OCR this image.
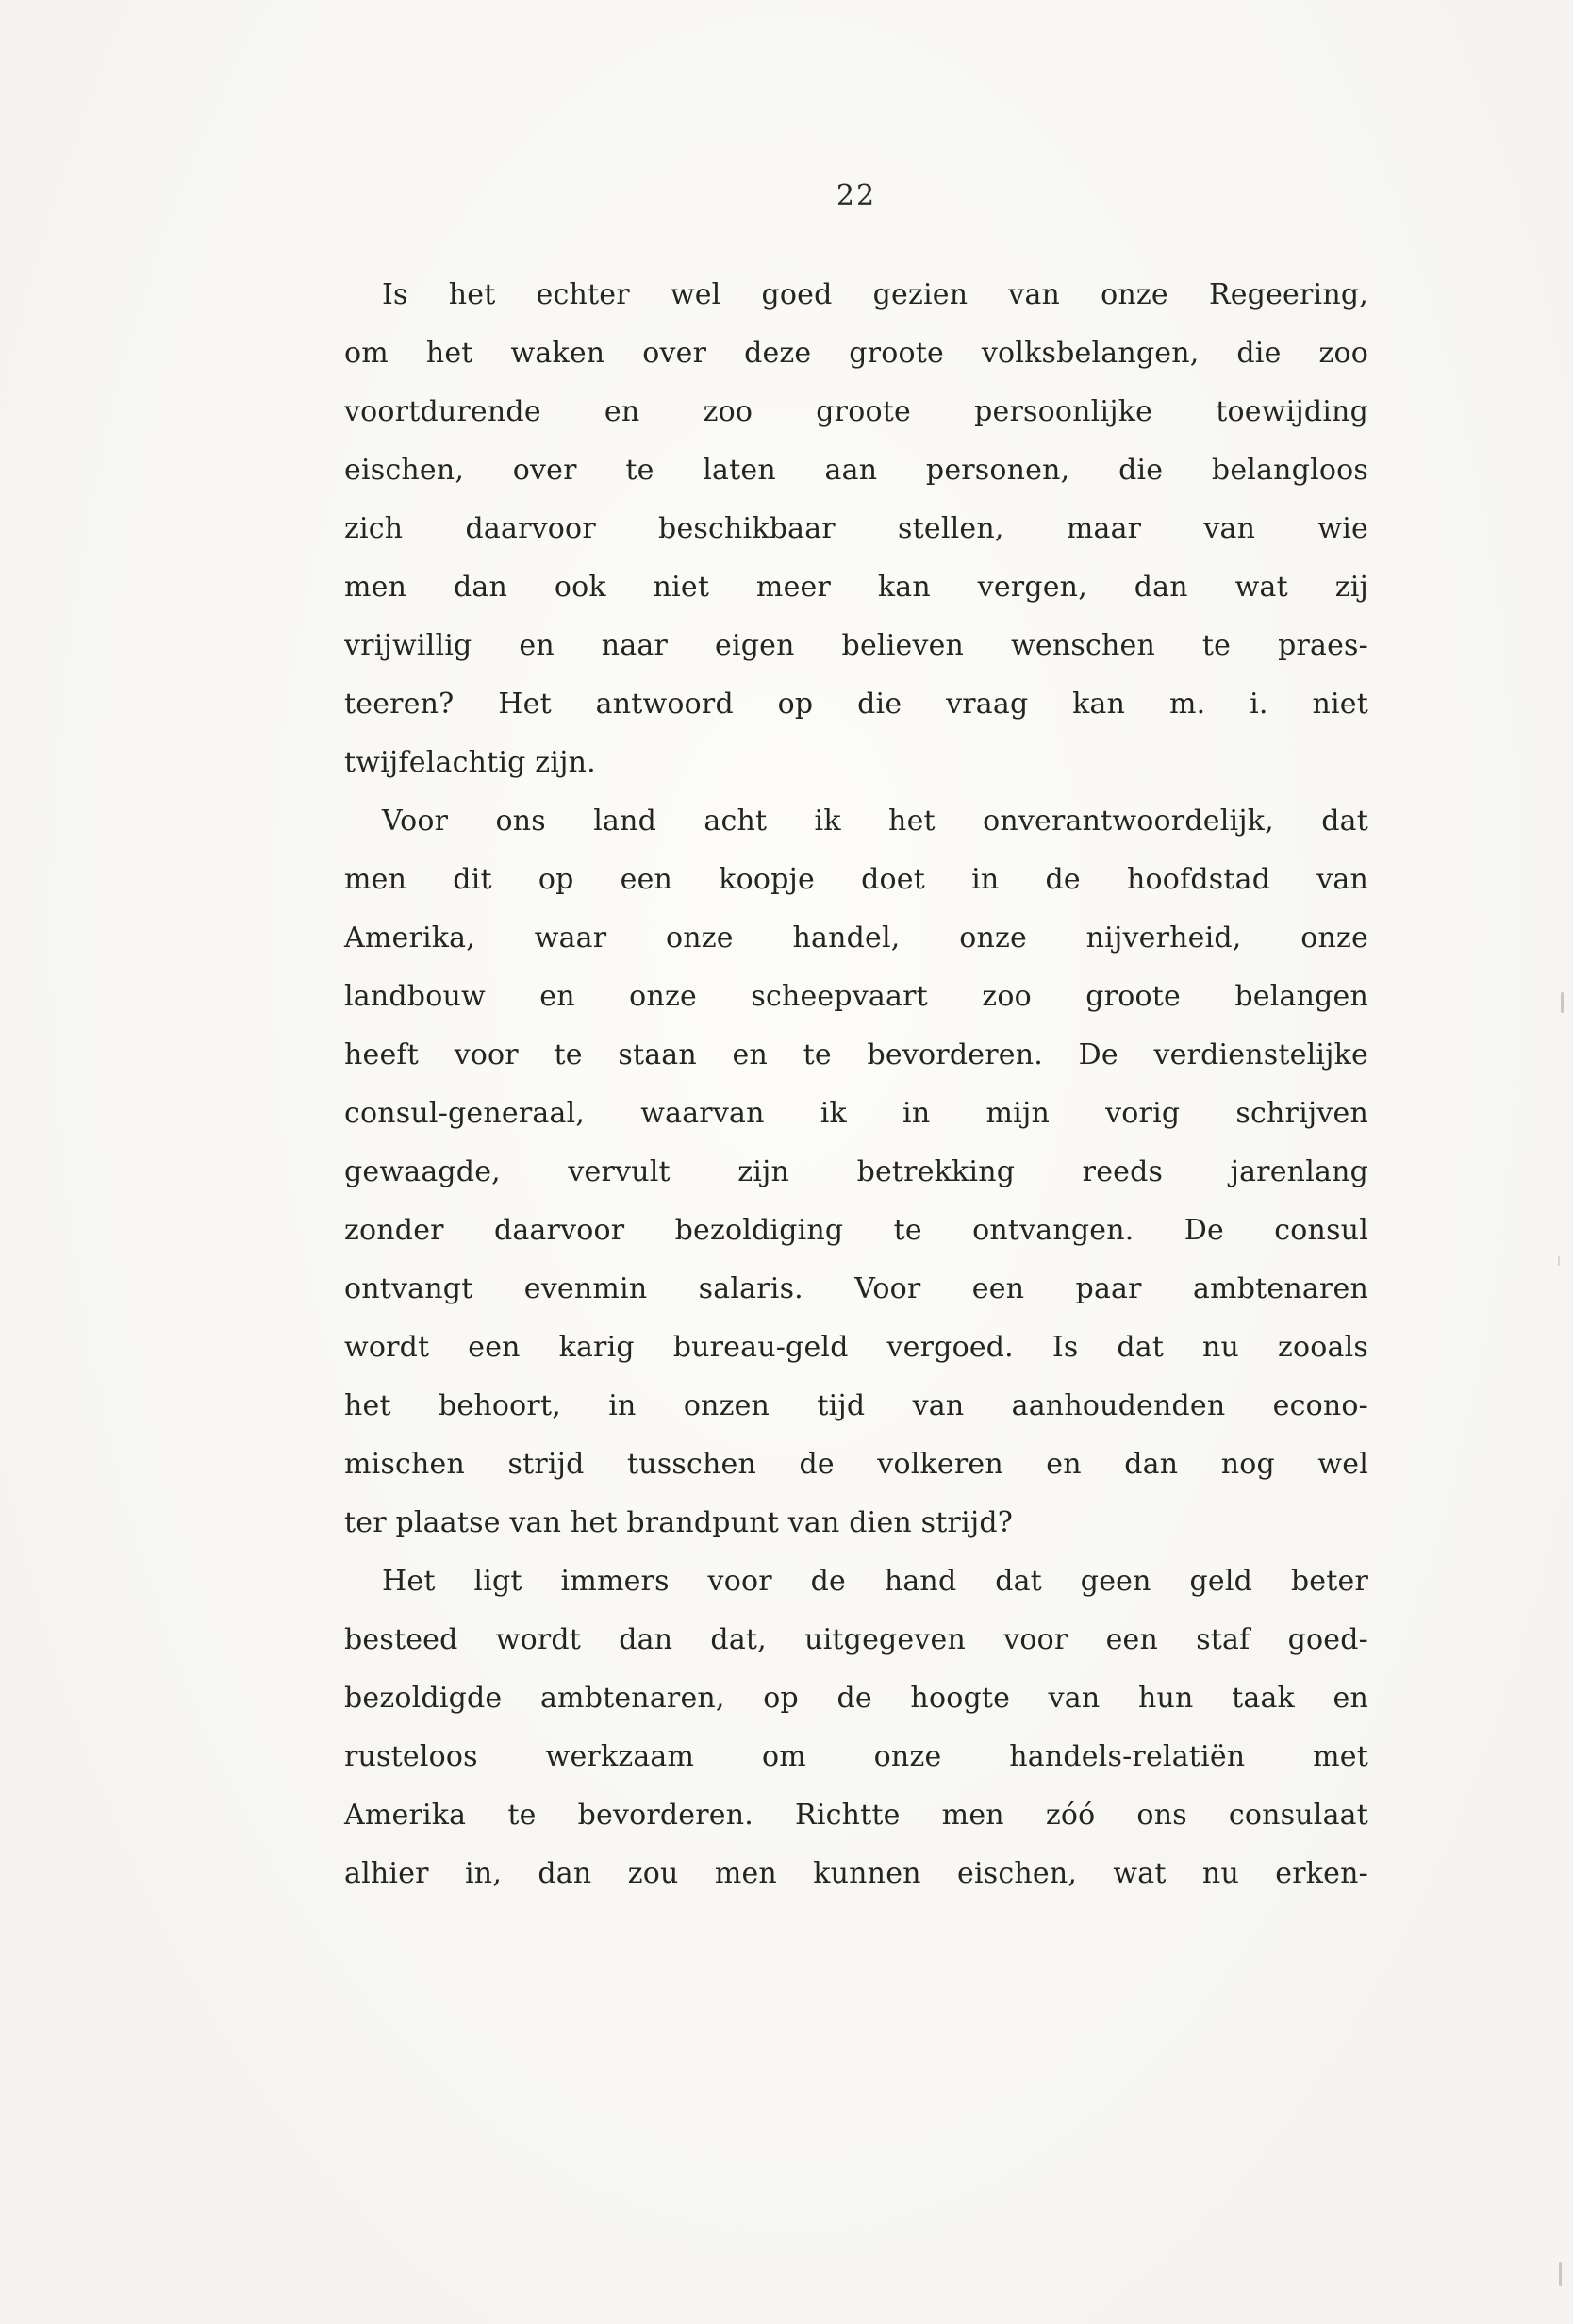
22
Is het echter wel goed gezien van onze Regeering,
om het waken over deze groote volksbelangen, die zoo
voortdurende en zoo groote persoonlijke toewijding
eischen, over te laten aan personen, die belangloos
zich daarvoor beschikbaar stellen, maar van wie
men dan ook niet meer kan vergen, dan wat zij
vrijwillig en naar eigen believen wenschen te praes-
teeren? Het antwoord op die vraag kan m. i. niet
twijfelachtig zijn.
Voor ons land acht ik het onverantwoordelijk, dat
men dit op een koopje doet in de hoofdstad van
Amerika, waar onze handel, onze nijverheid, onze
landbouw en onze scheepvaart zoo groote belangen
heeft voor te staan en te bevorderen. De verdienstelijke
consul-generaal, waarvan ik in mijn vorig schrijven
gewaagde, vervult zijn betrekking reeds jarenlang
zonder daarvoor bezoldiging te ontvangen. De consul
ontvangt evenmin salaris. Voor een paar ambtenaren
wordt een karig bureau-geld vergoed. Is dat nu zooals
het behoort, in onzen tijd van aanhoudenden econo-
mischen strijd tusschen de volkeren en dan nog wel
ter plaatse van het brandpunt van dien strijd?
Het ligt immers voor de hand dat geen geld beter
besteed wordt dan dat, uitgegeven voor een staf goed-
bezoldigde ambtenaren, op de hoogte van hun taak en
rusteloos werkzaam om onze handels-relatiën met
Amerika te bevorderen. Richtte men zóó ons consulaat
alhier in, dan zou men kunnen eischen, wat nu erken-
